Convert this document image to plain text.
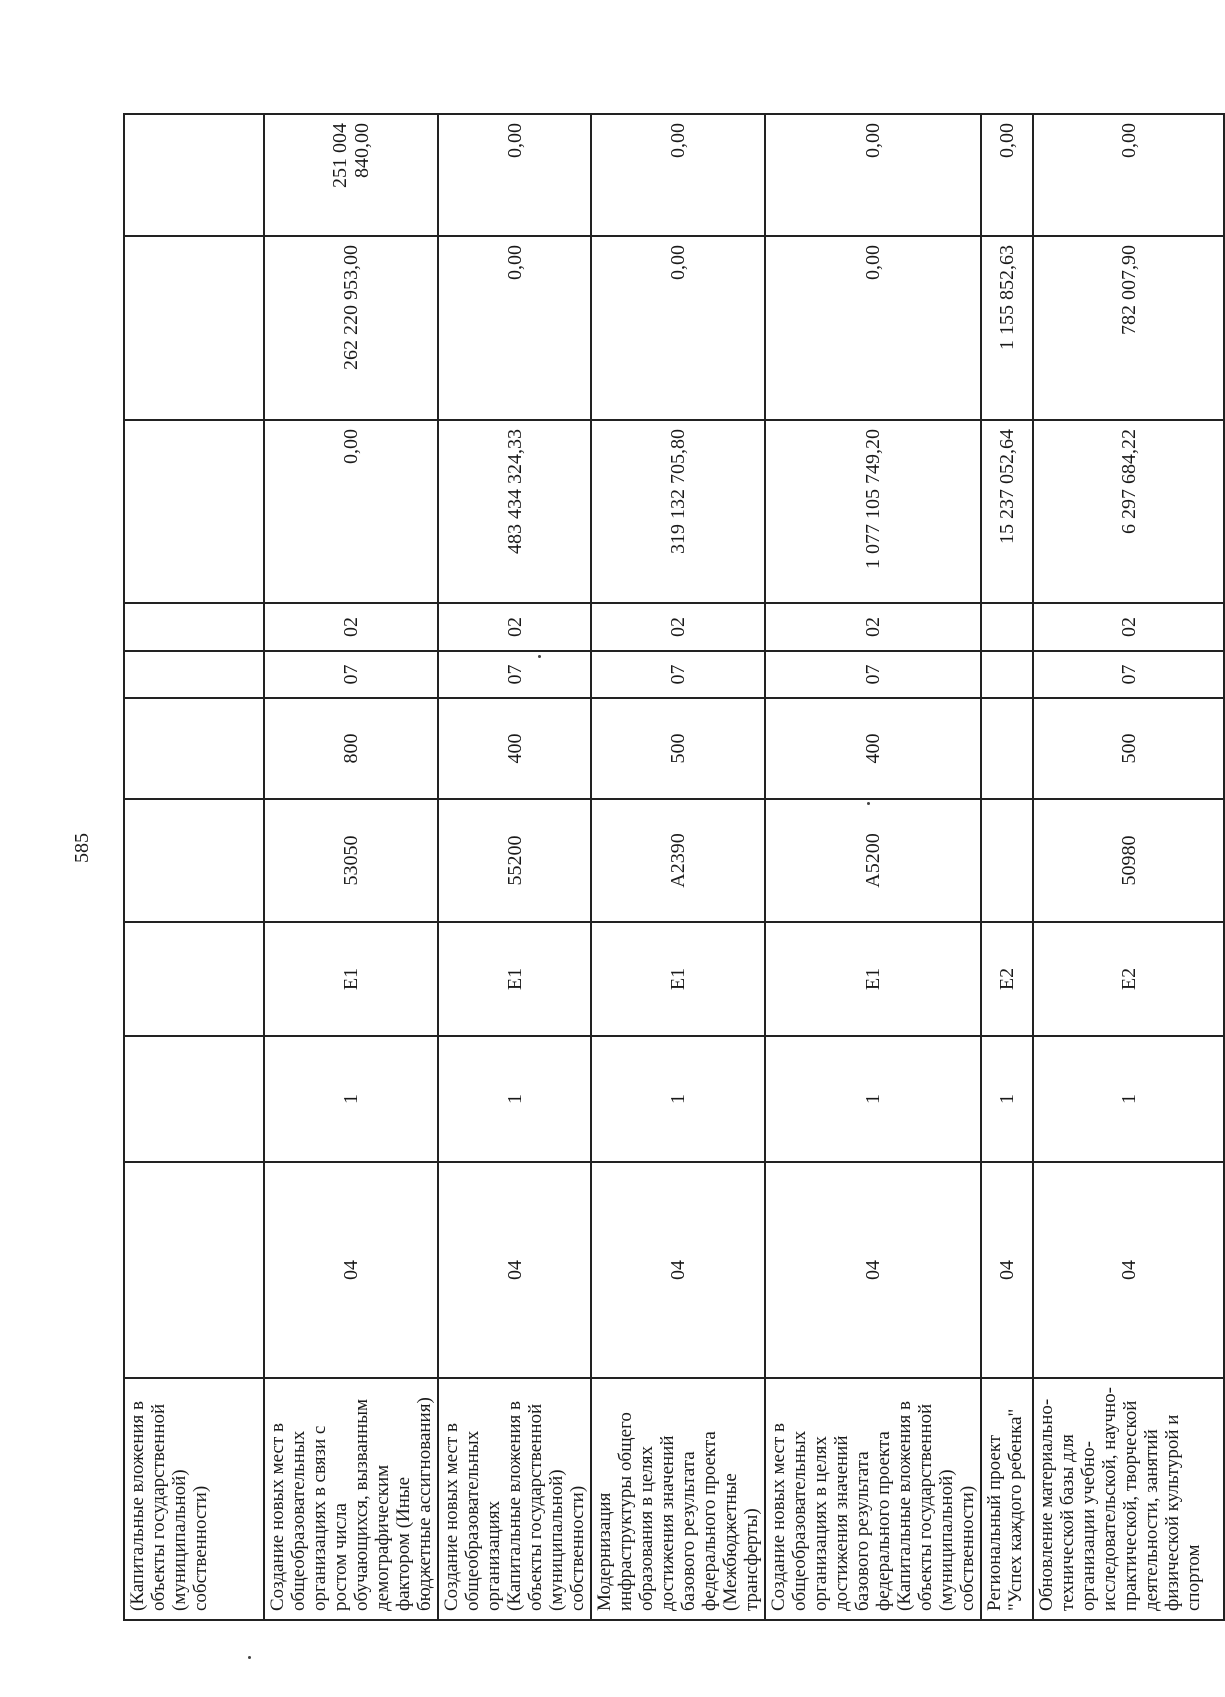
585
(Капитальные вложения в объекты государственной (муниципальной) собственности)										
Создание новых мест в общеобразовательных организациях в связи с ростом числа обучающихся, вызванным демографическим фактором (Иные бюджетные ассигнования)	04	1	E1	53050	800	07	02	0,00	262 220 953,00	251 004 840,00
Создание новых мест в общеобразовательных организациях (Капитальные вложения в объекты государственной (муниципальной) собственности)	04	1	E1	55200	400	07	02	483 434 324,33	0,00	0,00
Модернизация инфраструктуры общего образования в целях достижения значений базового результата федерального проекта (Межбюджетные трансферты)	04	1	E1	A2390	500	07	02	319 132 705,80	0,00	0,00
Создание новых мест в общеобразовательных организациях в целях достижения значений базового результата федерального проекта (Капитальные вложения в объекты государственной (муниципальной) собственности)	04	1	E1	A5200	400	07	02	1 077 105 749,20	0,00	0,00
Региональный проект "Успех каждого ребенка"	04	1	E2					15 237 052,64	1 155 852,63	0,00
Обновление материально-технической базы для организации учебно-исследовательской, научно-практической, творческой деятельности, занятий физической культурой и спортом	04	1	E2	50980	500	07	02	6 297 684,22	782 007,90	0,00
